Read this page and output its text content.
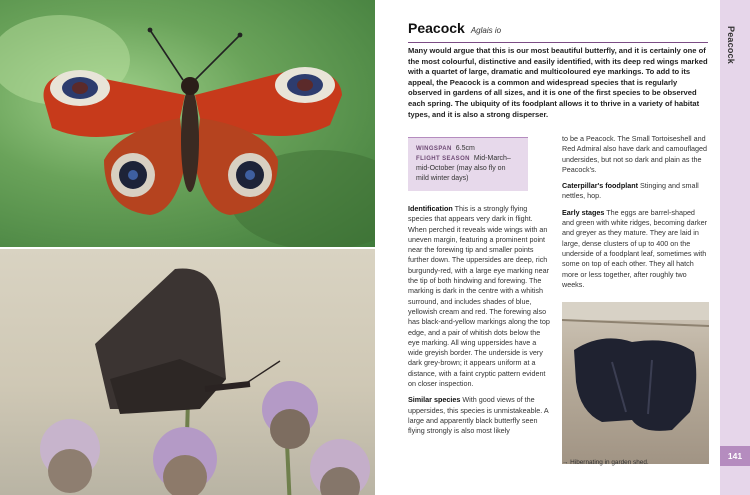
Peacock Aglais io

Many would argue that this is our most beautiful butterfly, and it is certainly one of the most colourful, distinctive and easily identified, with its deep red wings marked with a quartet of large, dramatic and multicoloured eye markings. To add to its appeal, the Peacock is a common and widespread species that is regularly observed in gardens of all sizes, and it is one of the first species to be observed each spring. The ubiquity of its foodplant allows it to thrive in a variety of habitat types, and it is also a strong disperser.

WINGSPAN 6.5cm
FLIGHT SEASON Mid-March–mid-October (may also fly on mild winter days)

Identification This is a strongly flying species that appears very dark in flight. When perched it reveals wide wings with an uneven margin, featuring a prominent point near the forewing tip and smaller points further down. The uppersides are deep, rich burgundy-red, with a large eye marking near the tip of both hindwing and forewing. The marking is dark in the centre with a whitish surround, and includes shades of blue, yellowish cream and red. The forewing also has black-and-yellow markings along the top edge, and a pair of whitish dots below the eye marking. All wing uppersides have a wide greyish border. The underside is very dark grey-brown; it appears uniform at a distance, with a faint cryptic pattern evident on closer inspection.

Similar species With good views of the uppersides, this species is unmistakeable. A large and apparently black butterfly seen flying strongly is also most likely

to be a Peacock. The Small Tortoiseshell and Red Admiral also have dark and camouflaged undersides, but not so dark and plain as the Peacock's.

Caterpillar's foodplant Stinging and small nettles, hop.

Early stages The eggs are barrel-shaped and green with white ridges, becoming darker and greyer as they mature. They are laid in large, dense clusters of up to 400 on the underside of a foodplant leaf, sometimes with some on top of each other. They all hatch more or less together, after roughly two weeks.

→ Hibernating in garden shed.
Peacock
141
